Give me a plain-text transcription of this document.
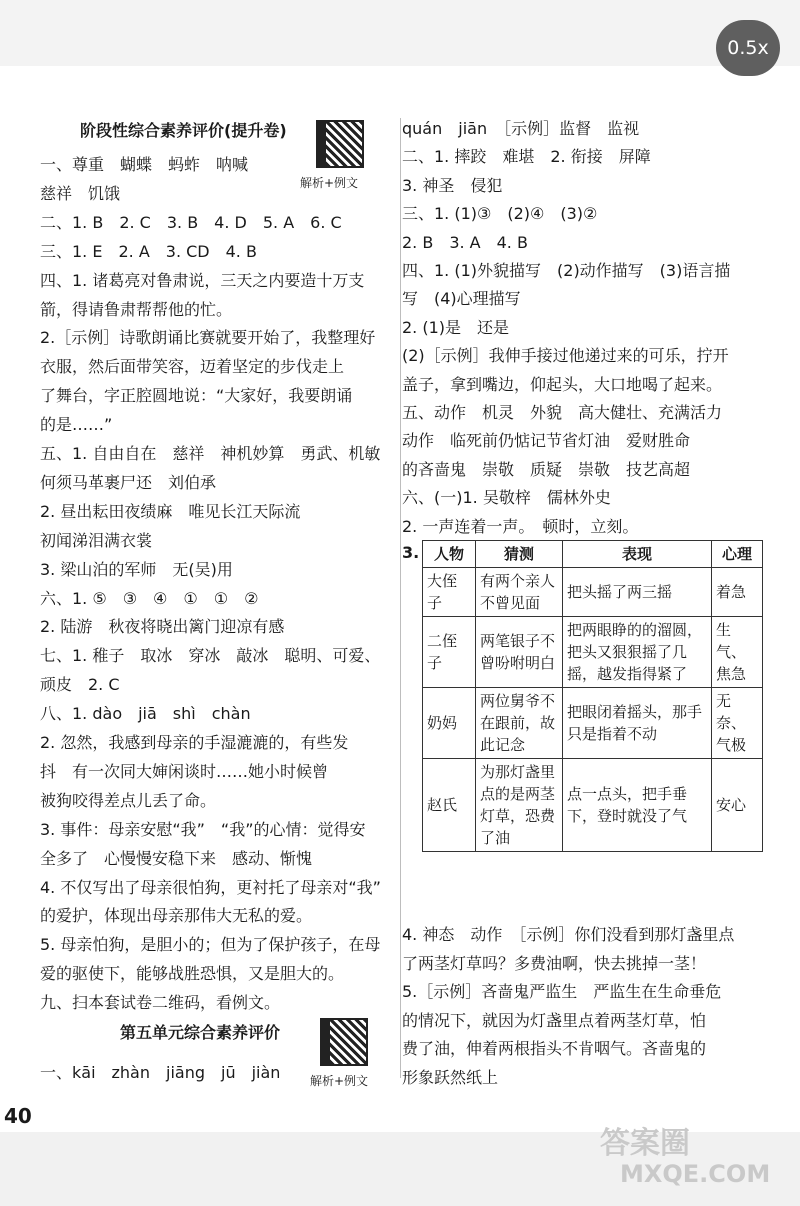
0.5x
阶段性综合素养评价(提升卷)
解析+例文
一、尊重　蝴蝶　蚂蚱　呐喊
慈祥　饥饿
二、1. B　2. C　3. B　4. D　5. A　6. C
三、1. E　2. A　3. CD　4. B
四、1. 诸葛亮对鲁肃说，三天之内要造十万支
箭，得请鲁肃帮帮他的忙。
2.［示例］诗歌朗诵比赛就要开始了，我整理好
衣服，然后面带笑容，迈着坚定的步伐走上
了舞台，字正腔圆地说：“大家好，我要朗诵
的是……”
五、1. 自由自在　慈祥　神机妙算　勇武、机敏
何须马革裹尸还　刘伯承
2. 昼出耘田夜绩麻　唯见长江天际流
初闻涕泪满衣裳
3. 梁山泊的军师　无(吴)用
六、1. ⑤　③　④　①　①　②
2. 陆游　秋夜将晓出篱门迎凉有感
七、1. 稚子　取冰　穿冰　敲冰　聪明、可爱、
顽皮　2. C
八、1. dào　jiā　shì　chàn
2. 忽然，我感到母亲的手湿漉漉的，有些发
抖　有一次同大婶闲谈时……她小时候曾
被狗咬得差点儿丢了命。
3. 事件：母亲安慰“我”　“我”的心情：觉得安
全多了　心慢慢安稳下来　感动、惭愧
4. 不仅写出了母亲很怕狗，更衬托了母亲对“我”
的爱护，体现出母亲那伟大无私的爱。
5. 母亲怕狗，是胆小的；但为了保护孩子，在母
爱的驱使下，能够战胜恐惧，又是胆大的。
九、扫本套试卷二维码，看例文。
第五单元综合素养评价
解析+例文
一、kāi　zhàn　jiāng　jū　jiàn
quán　jiān　［示例］监督　监视
二、1. 摔跤　难堪　2. 衔接　屏障
3. 神圣　侵犯
三、1. (1)③　(2)④　(3)②
2. B　3. A　4. B
四、1. (1)外貌描写　(2)动作描写　(3)语言描
写　(4)心理描写
2. (1)是　还是
(2)［示例］我伸手接过他递过来的可乐，拧开
盖子，拿到嘴边，仰起头，大口地喝了起来。
五、动作　机灵　外貌　高大健壮、充满活力
动作　临死前仍惦记节省灯油　爱财胜命
的吝啬鬼　崇敬　质疑　崇敬　技艺高超
六、(一)1. 吴敬梓　儒林外史
2. 一声连着一声。　顿时，立刻。
3. 人物	猜测	表现	心理
大侄子	有两个亲人不曾见面	把头摇了两三摇	着急
二侄子	两笔银子不曾吩咐明白	把两眼睁的的溜圆，把头又狠狠摇了几摇，越发指得紧了	生气、焦急
奶妈	两位舅爷不在跟前，故此记念	把眼闭着摇头，那手只是指着不动	无奈、气极
赵氏	为那灯盏里点的是两茎灯草，恐费了油	点一点头，把手垂下，登时就没了气	安心
4. 神态　动作　［示例］你们没看到那灯盏里点
了两茎灯草吗？多费油啊，快去挑掉一茎！
5.［示例］吝啬鬼严监生　严监生在生命垂危
的情况下，就因为灯盏里点着两茎灯草，怕
费了油，伸着两根指头不肯咽气。吝啬鬼的
形象跃然纸上
40
答案圈
MXQE.COM
